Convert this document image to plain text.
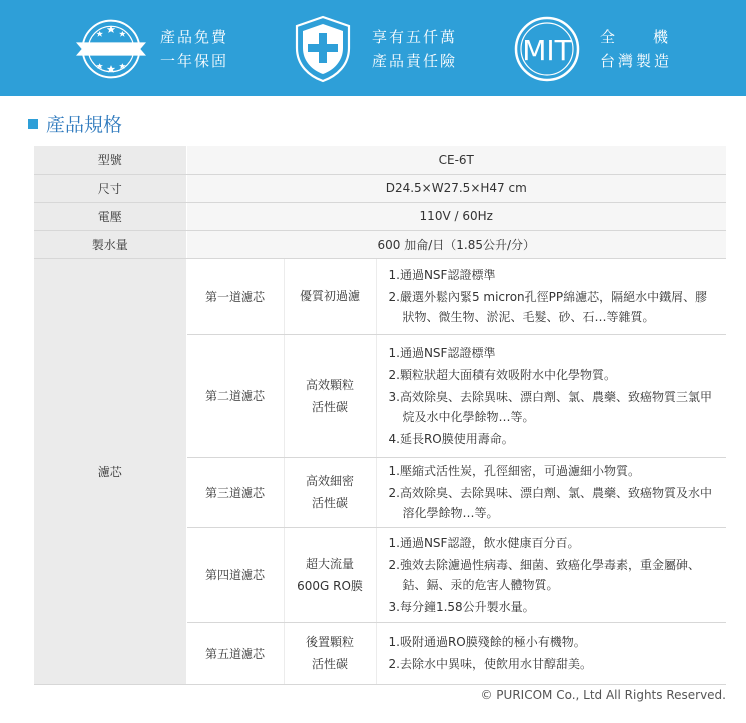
產品免費
一年保固
享有五仟萬
產品責任險 MIT 全機
台灣製造
產品規格
型號	CE-6T		
尺寸	D24.5×W27.5×H47 cm		
電壓	110V / 60Hz		
製水量	600 加侖/日（1.85公升/分）		
濾芯	第一道濾芯	優質初過濾	1.通過NSF認證標準
2.嚴選外鬆內緊5 micron孔徑PP綿濾芯，隔絕水中鐵屑、膠狀物、微生物、淤泥、毛髮、砂、石…等雜質。

	第二道濾芯	高效顆粒
活性碳	1.通過NSF認證標準
2.顆粒狀超大面積有效吸附水中化學物質。
3.高效除臭、去除異味、漂白劑、氯、農藥、致癌物質三氯甲烷及水中化學餘物…等。
4.延長RO膜使用壽命。

	第三道濾芯	高效細密
活性碳	1.壓縮式活性炭，孔徑細密，可過濾細小物質。
2.高效除臭、去除異味、漂白劑、氯、農藥、致癌物質及水中溶化學餘物…等。

	第四道濾芯	超大流量
600G RO膜	1.通過NSF認證，飲水健康百分百。
2.強效去除濾過性病毒、細菌、致癌化學毒素，重金屬砷、鈷、鎘、汞的危害人體物質。
3.每分鐘1.58公升製水量。

	第五道濾芯	後置顆粒
活性碳	1.吸附通過RO膜殘餘的極小有機物。
2.去除水中異味，使飲用水甘醇甜美。
© PURICOM Co., Ltd All Rights Reserved.
